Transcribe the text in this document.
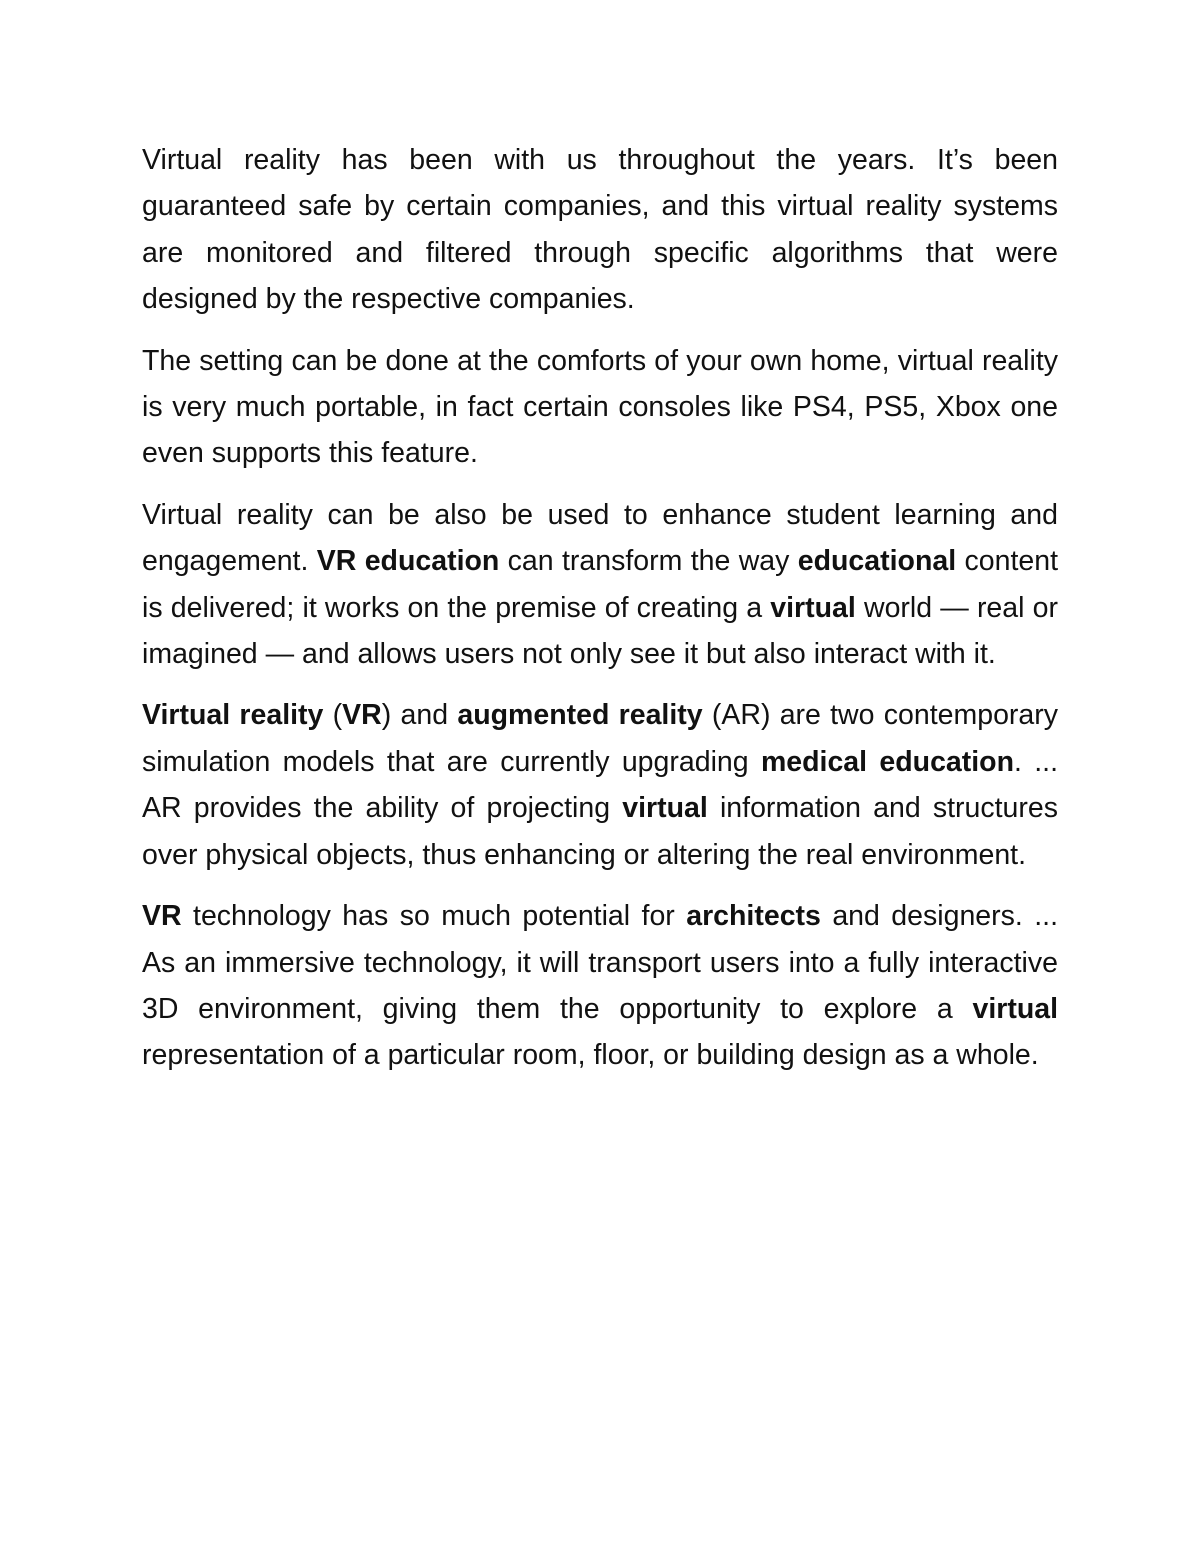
Virtual reality has been with us throughout the years. It’s been guaranteed safe by certain companies, and this virtual reality systems are monitored and filtered through specific algorithms that were designed by the respective companies.

The setting can be done at the comforts of your own home, virtual reality is very much portable, in fact certain consoles like PS4, PS5, Xbox one even supports this feature.

Virtual reality can be also be used to enhance student learning and engagement. VR education can transform the way educational content is delivered; it works on the premise of creating a virtual world — real or imagined — and allows users not only see it but also interact with it.

Virtual reality (VR) and augmented reality (AR) are two contemporary simulation models that are currently upgrading medical education. ... AR provides the ability of projecting virtual information and structures over physical objects, thus enhancing or altering the real environment.

VR technology has so much potential for architects and designers. ... As an immersive technology, it will transport users into a fully interactive 3D environment, giving them the opportunity to explore a virtual representation of a particular room, floor, or building design as a whole.
